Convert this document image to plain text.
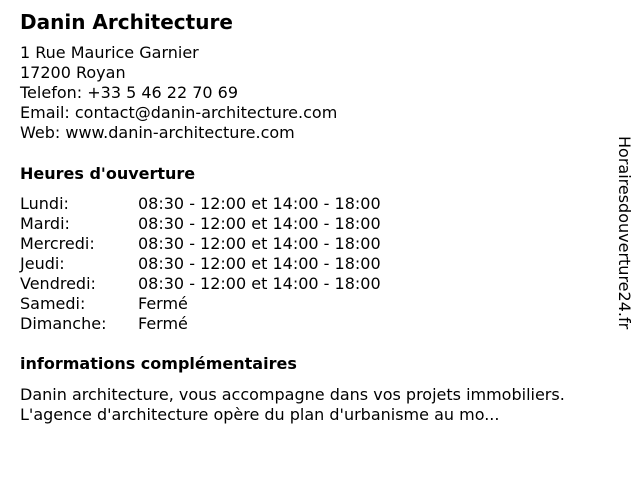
Danin Architecture
1 Rue Maurice Garnier
17200 Royan
Telefon: +33 5 46 22 70 69
Email: contact@danin-architecture.com
Web: www.danin-architecture.com
Heures d'ouverture
Lundi:	08:30 - 12:00 et 14:00 - 18:00
Mardi:	08:30 - 12:00 et 14:00 - 18:00
Mercredi:	08:30 - 12:00 et 14:00 - 18:00
Jeudi:	08:30 - 12:00 et 14:00 - 18:00
Vendredi:	08:30 - 12:00 et 14:00 - 18:00
Samedi:	Fermé
Dimanche: Fermé
informations complémentaires
Danin architecture, vous accompagne dans vos projets immobiliers.
L'agence d'architecture opère du plan d'urbanisme au mo...
Horairesdouverture24.fr
